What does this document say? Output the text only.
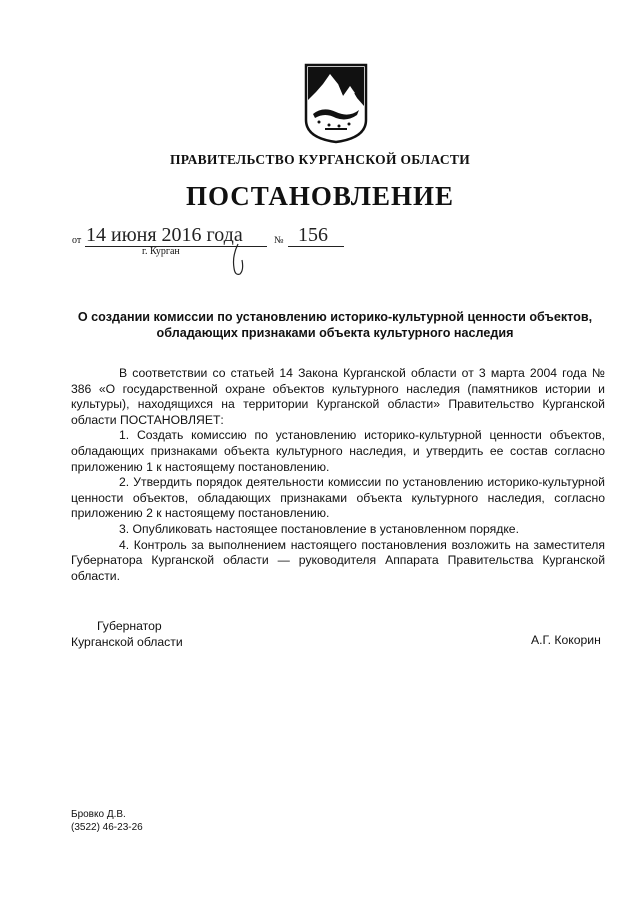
ПРАВИТЕЛЬСТВО КУРГАНСКОЙ ОБЛАСТИ
ПОСТАНОВЛЕНИЕ
от 14 июня 2016 года	№ 156
г. Курган
О создании комиссии по установлению историко-культурной ценности объектов,
обладающих признаками объекта культурного наследия

В соответствии со статьей 14 Закона Курганской области от 3 марта 2004 года № 386 «О государственной охране объектов культурного наследия (памятников истории и культуры), находящихся на территории Курганской области» Правительство Курганской области ПОСТАНОВЛЯЕТ:

1. Создать комиссию по установлению историко-культурной ценности объектов, обладающих признаками объекта культурного наследия, и утвердить ее состав согласно приложению 1 к настоящему постановлению.

2. Утвердить порядок деятельности комиссии по установлению историко-культурной ценности объектов, обладающих признаками объекта культурного наследия, согласно приложению 2 к настоящему постановлению.

3. Опубликовать настоящее постановление в установленном порядке.

4. Контроль за выполнением настоящего постановления возложить на заместителя Губернатора Курганской области — руководителя Аппарата Правительства Курганской области.

Губернатор
Курганской области	А.Г. Кокорин
Бровко Д.В.
(3522) 46-23-26
